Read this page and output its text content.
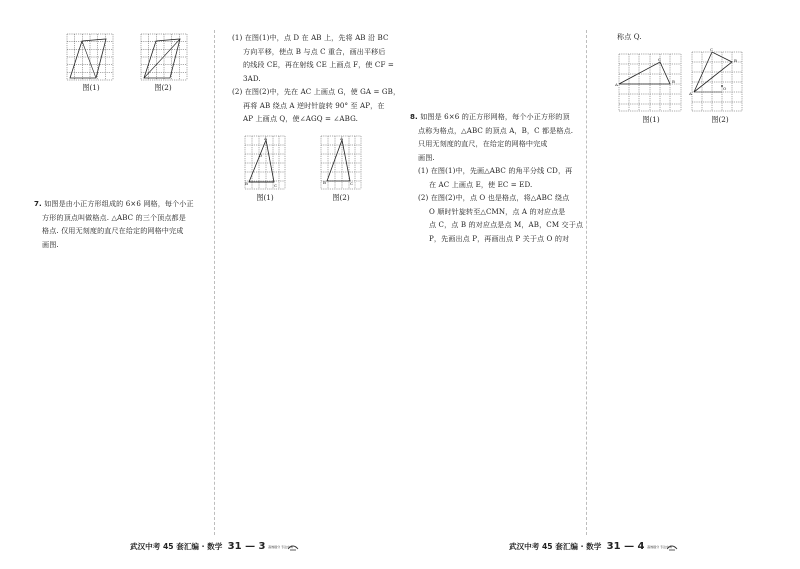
图(1)	图(2)
7. 如图是由小正方形组成的 6×6 网格，每个小正
方形的顶点叫做格点. △ABC 的三个顶点都是
格点. 仅用无刻度的直尺在给定的网格中完成
画图.
(1) 在图(1)中，点 D 在 AB 上，先将 AB 沿 BC
方向平移，使点 B 与点 C 重合，画出平移后
的线段 CE，再在射线 CE 上画点 F，使 CF =
3AD.
(2) 在图(2)中，先在 AC 上画点 G，使 GA = GB，
再将 AB 绕点 A 逆时针旋转 90° 至 AP，在
AP 上画点 Q，使∠AGQ = ∠ABG.
A
D
B	C
A
B	C
图(1)	图(2)
8. 如图是 6×6 的正方形网格，每个小正方形的顶
点称为格点，△ABC 的顶点 A，B，C 都是格点.
只用无刻度的直尺，在给定的网格中完成
画图.
(1) 在图(1)中，先画△ABC 的角平分线 CD，再
在 AC 上画点 E，使 EC = ED.
(2) 在图(2)中，点 O 也是格点，将△ABC 绕点
O 顺时针旋转至△CMN，点 A 的对应点是
点 C，点 B 的对应点是点 M，AB，CM 交于点
P，先画出点 P，再画出点 P 关于点 O 的对
称点 Q.
A
C
B
A
C
B
O
图(1)	图(2)
武汉中考 45 套汇编 · 数学 31 — 3 高效提分 专注中考	武汉中考 45 套汇编 · 数学 31 — 4 高效提分 专注中考
